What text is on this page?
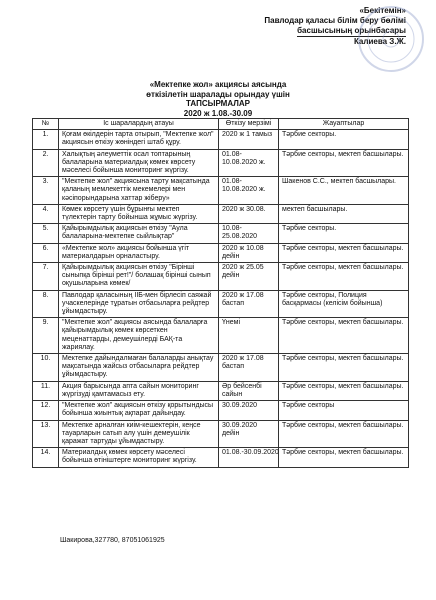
«Бекітемін»
Павлодар қаласы білім беру бөлімі
басшысының орынбасары
Калиева З.Ж.
«Мектепке жол» акциясы аясында
өткізілетін шаралады орындау үшін
ТАПСЫРМАЛАР
2020 ж 1.08.-30.09
№	Іс шаралардың атауы	Өткізу мерзімі	Жауаптылар
1.	Қоғам өкілдерін тарта отырып, "Мектепке жол" акциясын өткізу жөніндегі штаб құру.	2020 ж 1 тамыз	Тәрбие секторы.
2.	Халықтың әлеуметтік осал топтарының балаларына материалдық көмек көрсету мәселесі бойынша мониторинг жүргізу.	01.08-10.08.2020 ж.	Тәрбие секторы, мектеп басшылары.
3.	"Мектепке жол" акциясына тарту мақсатында қаланың мемлекеттік мекемелері мен кәсіпорындарына хаттар жіберу»	01.08-10.08.2020 ж.	Шакенов С.С., мектеп басшылары.
4.	Көмек көрсету үшін бұрынғы мектеп түлектерін тарту бойынша жұмыс жүргізу.	2020 ж 30.08.	мектеп басшылары.
5.	Қайырымдылық акциясын өткізу "Аула балаларына-мектепке сыйлықтар"	10.08-25.08.2020	Тәрбие секторы.
6.	«Мектепке жол» акциясы бойынша үгіт материалдарын орналастыру.	2020 ж 10.08 дейін	Тәрбие секторы, мектеп басшылары.
7.	Қайырымдылық акциясын өткізу "Бірінші сыныпқа бірінші рет!"/ болашақ бірінші сынып оқушыларына көмек/	2020 ж 25.05 дейін	Тәрбие секторы, мектеп басшылары.
8.	Павлодар қаласының ІІБ-мен бірлесіп саяжай учаскелерінде тұратын отбасыларға рейдтер ұйымдастыру.	2020 ж 17.08 бастап	Тәрбие секторы, Полиция басқармасы (келісім бойынша)
9.	"Мектепке жол" акциясы аясында балаларға қайырымдылық көмек көрсеткен меценаттарды, демеушілерді БАҚ-та жариялау.	Үнемі	Тәрбие секторы, мектеп басшылары.
10.	Мектепке дайындалмаған балаларды анықтау мақсатында жайсыз отбасыларға рейдтер ұйымдастыру.	2020 ж 17.08 бастап	Тәрбие секторы, мектеп басшылары.
11.	Акция барысында апта сайын мониторинг жүргізуді қамтамасыз ету.	Әр бейсенбі сайын	Тәрбие секторы, мектеп басшылары.
12.	"Мектепке жол" акциясын өткізу қорытындысы бойынша жиынтық ақпарат дайындау.	30.09.2020	Тәрбие секторы
13.	Мектепке арналған киім-кешектерін, кеңсе тауарларын сатып алу үшін демеушілік қаражат тартуды ұйымдастыру.	30.09.2020 дейін	Тәрбие секторы, мектеп басшылары.
14.	Материалдық көмек көрсету мәселесі бойынша өтініштерге мониторинг жүргізу.	01.08.-30.09.2020	Тәрбие секторы, мектеп басшылары.
Шакирова,327780, 87051061925
